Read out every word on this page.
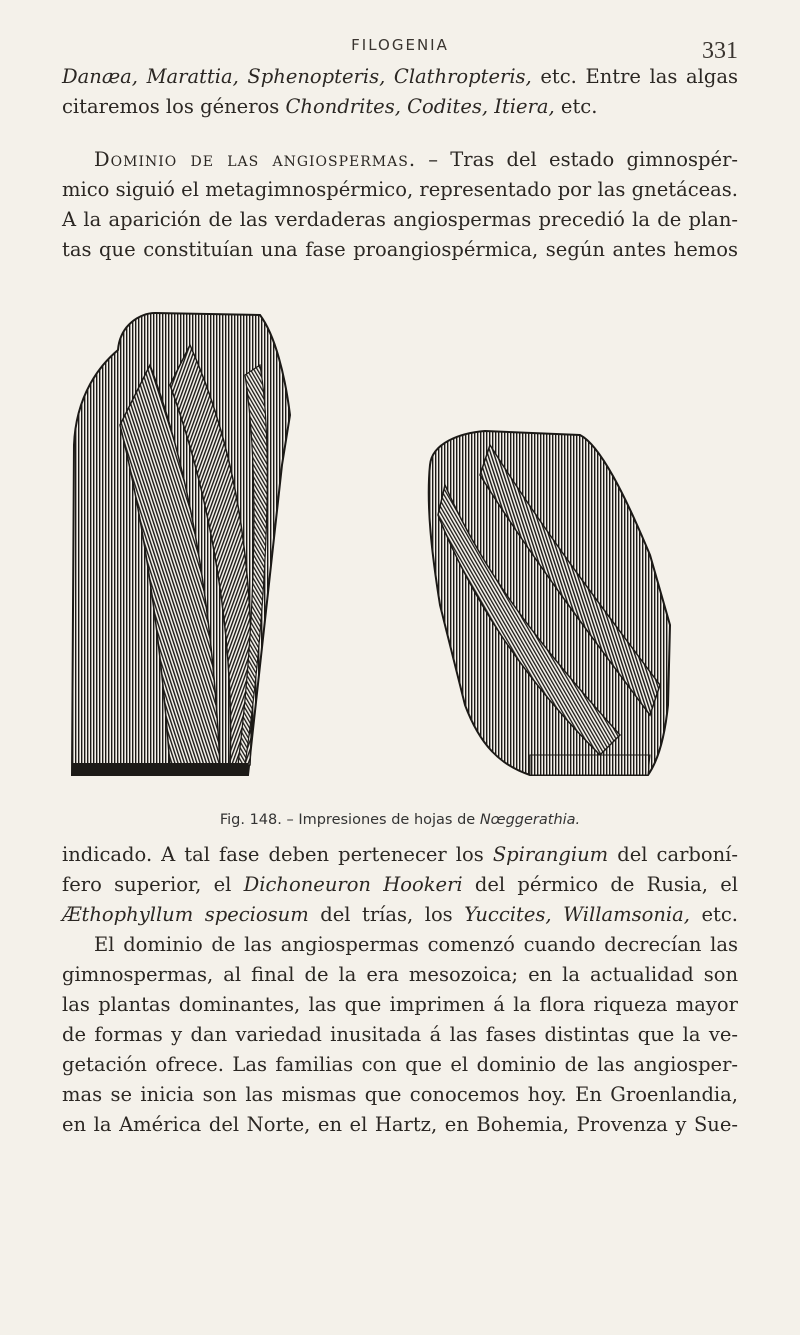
FILOGENIA	331
Danæa, Marattia, Sphenopteris, Clathropteris, etc. Entre las algas
citaremos los géneros Chondrites, Codites, Itiera, etc.
Dominio de las angiospermas. – Tras del estado gimnospér-
mico siguió el metagimnospérmico, representado por las gnetáceas.
A la aparición de las verdaderas angiospermas precedió la de plan-
tas que constituían una fase proangiospérmica, según antes hemos
Fig. 148. – Impresiones de hojas de Nœggerathia.
indicado. A tal fase deben pertenecer los Spirangium del carboní-
fero superior, el Dichoneuron Hookeri del pérmico de Rusia, el
Æthophyllum speciosum del trías, los Yuccites, Willamsonia, etc.
El dominio de las angiospermas comenzó cuando decrecían las
gimnospermas, al final de la era mesozoica; en la actualidad son
las plantas dominantes, las que imprimen á la flora riqueza mayor
de formas y dan variedad inusitada á las fases distintas que la ve-
getación ofrece. Las familias con que el dominio de las angiosper-
mas se inicia son las mismas que conocemos hoy. En Groenlandia,
en la América del Norte, en el Hartz, en Bohemia, Provenza y Sue-
